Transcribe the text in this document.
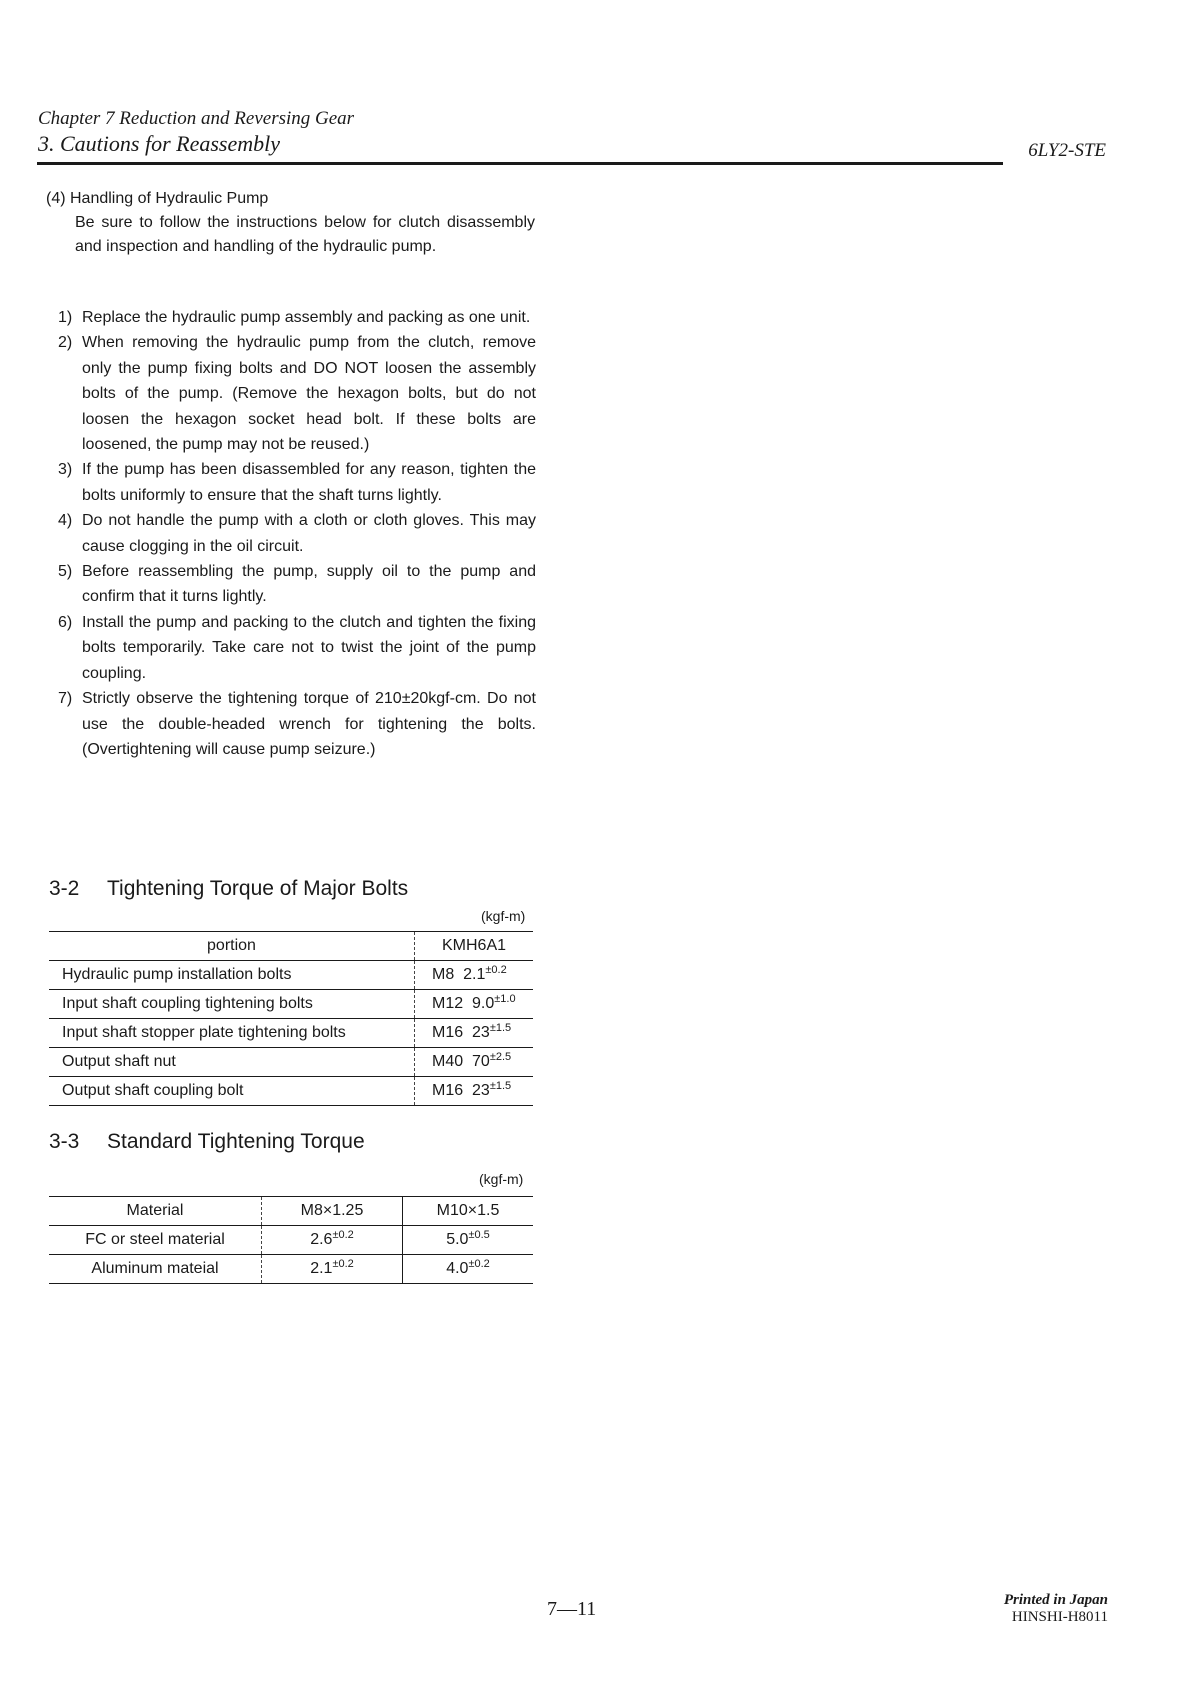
Chapter 7 Reduction and Reversing Gear
3. Cautions for Reassembly	6LY2-STE
(4) Handling of Hydraulic Pump
Be sure to follow the instructions below for clutch disassembly and inspection and handling of the hydraulic pump.
1) Replace the hydraulic pump assembly and packing as one unit.
2) When removing the hydraulic pump from the clutch, remove only the pump fixing bolts and DO NOT loosen the assembly bolts of the pump. (Remove the hexagon bolts, but do not loosen the hexagon socket head bolt. If these bolts are loosened, the pump may not be reused.)
3) If the pump has been disassembled for any reason, tighten the bolts uniformly to ensure that the shaft turns lightly.
4) Do not handle the pump with a cloth or cloth gloves. This may cause clogging in the oil circuit.
5) Before reassembling the pump, supply oil to the pump and confirm that it turns lightly.
6) Install the pump and packing to the clutch and tighten the fixing bolts temporarily. Take care not to twist the joint of the pump coupling.
7) Strictly observe the tightening torque of 210±20kgf-cm. Do not use the double-headed wrench for tightening the bolts. (Overtightening will cause pump seizure.)
3-2 Tightening Torque of Major Bolts
(kgf-m)
portion	KMH6A1
Hydraulic pump installation bolts	M8 $2.1^{\pm 0.2}$
Input shaft coupling tightening bolts	M12 $9.0^{\pm 1.0}$
Input shaft stopper plate tightening bolts	M16 $23^{\pm 1.5}$
Output shaft nut	M40 $70^{\pm 2.5}$
Output shaft coupling bolt	M16 $23^{\pm 1.5}$
3-3 Standard Tightening Torque
(kgf-m)
Material	M8×1.25	M10×1.5
FC or steel material	$2.6^{\pm 0.2}$	$5.0^{\pm 0.5}$
Aluminum mateial	$2.1^{\pm 0.2}$	$4.0^{\pm 0.2}$
7—11	Printed in Japan
HINSHI-H8011
